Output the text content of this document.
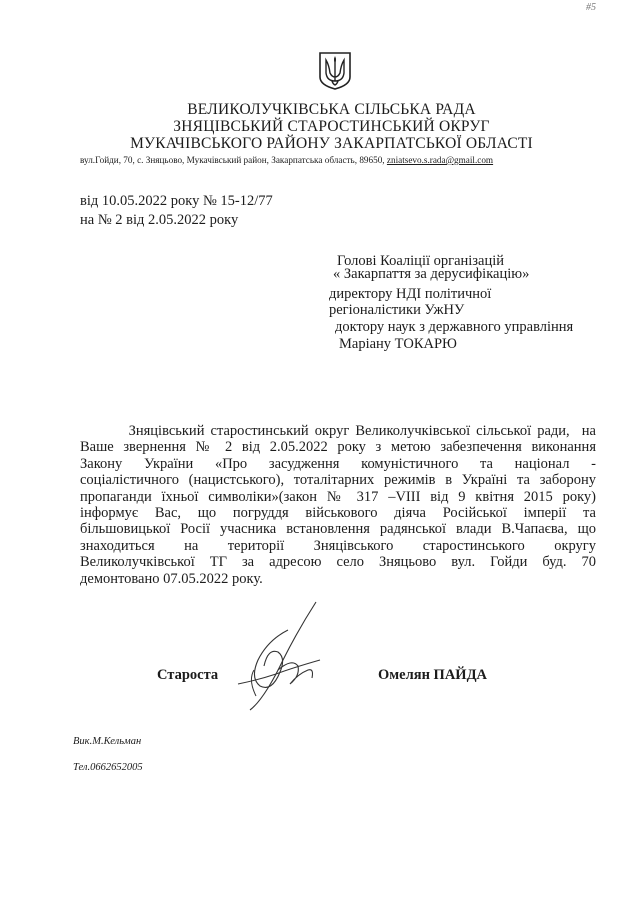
#5
ВЕЛИКОЛУЧКІВСЬКА СІЛЬСЬКА РАДА
ЗНЯЦІВСЬКИЙ СТАРОСТИНСЬКИЙ ОКРУГ
МУКАЧІВСЬКОГО РАЙОНУ ЗАКАРПАТСЬКОЇ ОБЛАСТІ
вул.Гойди, 70, с. Зняцьово, Мукачівський район, Закарпатська область, 89650, zniatsevo.s.rada@gmail.com
від 10.05.2022 року № 15-12/77
на № 2 від 2.05.2022 року
Голові Коаліції організацій
« Закарпаття за дерусифікацію»
директору НДІ політичної
регіоналістики УжНУ
доктору наук з державного управління
Маріану ТОКАРЮ
Зняцівський старостинський округ Великолучківської сільської ради,  на
Ваше звернення № 2 від 2.05.2022 року з метою забезпечення виконання
Закону України «Про засудження комуністичного та націонал -
соціалістичного (нацистського), тоталітарних режимів в Україні та заборону
пропаганди їхньої символіки»(закон № 317 –VIII від 9 квітня 2015 року)
інформує Вас, що погруддя військового діяча Російської імперії та
більшовицької Росії учасника встановлення радянської влади В.Чапаєва, що
знаходиться на території Зняцівського старостинського округу
Великолучківської ТГ за адресою село Зняцьово вул. Гойди буд. 70
демонтовано 07.05.2022 року.
Староста	Омелян ПАЙДА
Вик.М.Кельман
Тел.0662652005
